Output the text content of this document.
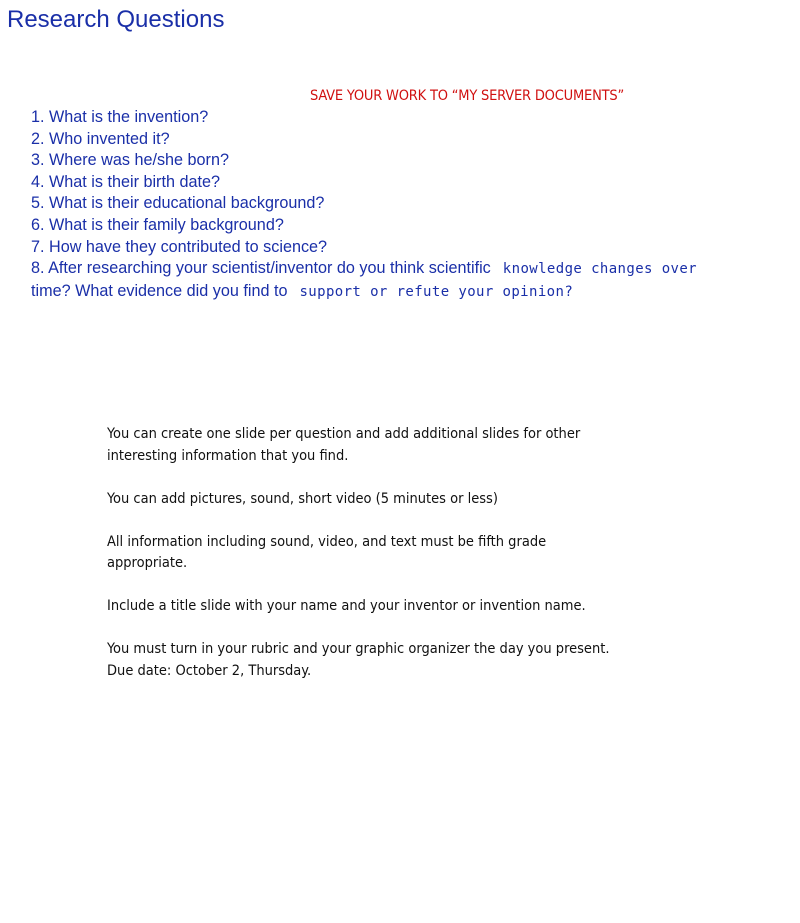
Research Questions
SAVE YOUR WORK TO “MY SERVER DOCUMENTS”
1. What is the invention?
2. Who invented it?
3. Where was he/she born?
4. What is their birth date?
5. What is their educational background?
6. What is their family background?
7. How have they contributed to science?
8. After researching your scientist/inventor do you think scientific knowledge changes over
time? What evidence did you find to support or refute your opinion?

You can create one slide per question and add additional slides for other interesting information that you find.

You can add pictures, sound, short video (5 minutes or less)

All information including sound, video, and text must be fifth grade appropriate.

Include a title slide with your name and your inventor or invention name.

You must turn in your rubric and your graphic organizer the day you present. Due date: October 2, Thursday.
